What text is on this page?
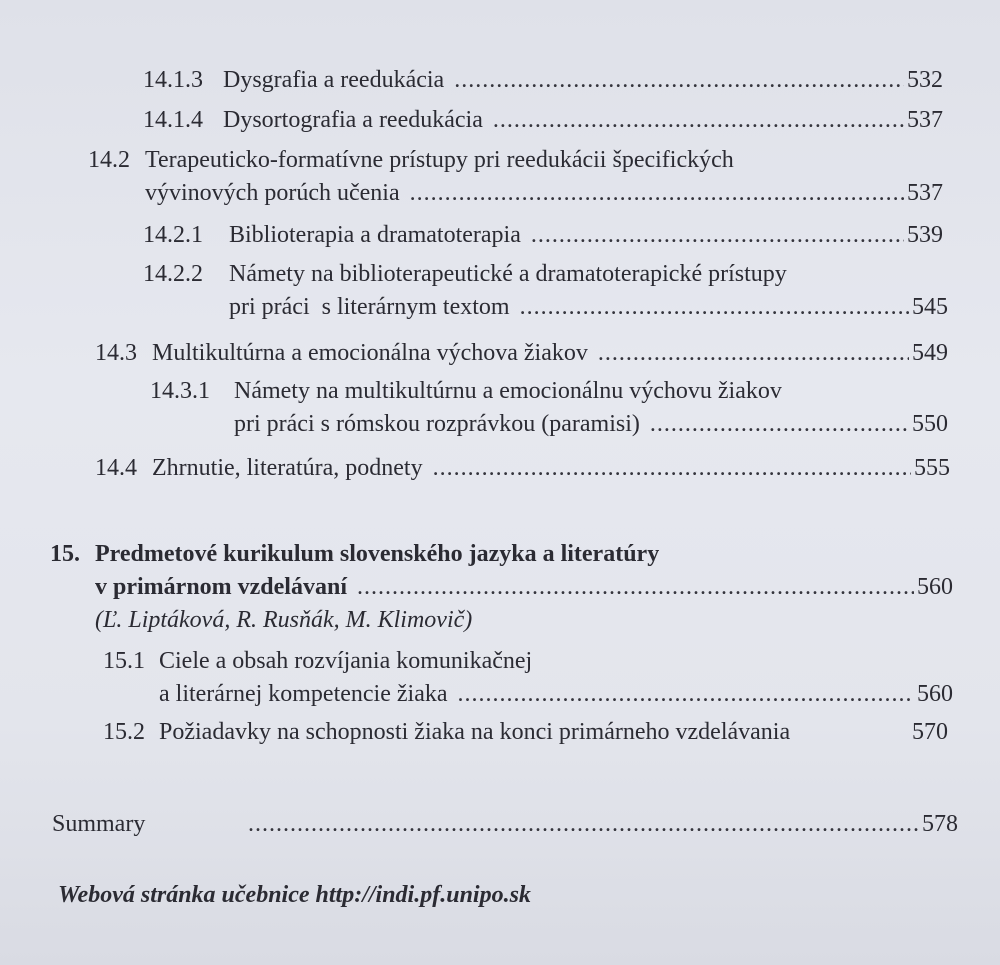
14.1.3 Dysgrafia a reedukácia .....	532
14.1.4 Dysortografia a reedukácia .....	537
14.2 Terapeuticko-formatívne prístupy pri reedukácii špecifických
vývinových porúch učenia .....	537
14.2.1	Biblioterapia a dramatoterapia .....	539
14.2.2	Námety na biblioterapeutické a dramatoterapické prístupy
pri práci  s literárnym textom .....	545
14.3 Multikultúrna a emocionálna výchova žiakov .....	549
14.3.1	Námety na multikultúrnu a emocionálnu výchovu žiakov
pri práci s rómskou rozprávkou (paramisi) .....	550
14.4 Zhrnutie, literatúra, podnety .....	555
15. Predmetové kurikulum slovenského jazyka a literatúry
v primárnom vzdelávaní .....	560
(Ľ. Liptáková, R. Rusňák, M. Klimovič)
15.1 Ciele a obsah rozvíjania komunikačnej
a literárnej kompetencie žiaka .....	560
15.2 Požiadavky na schopnosti žiaka na konci primárneho vzdelávania	570
Summary .....	578
Webová stránka učebnice http://indi.pf.unipo.sk
